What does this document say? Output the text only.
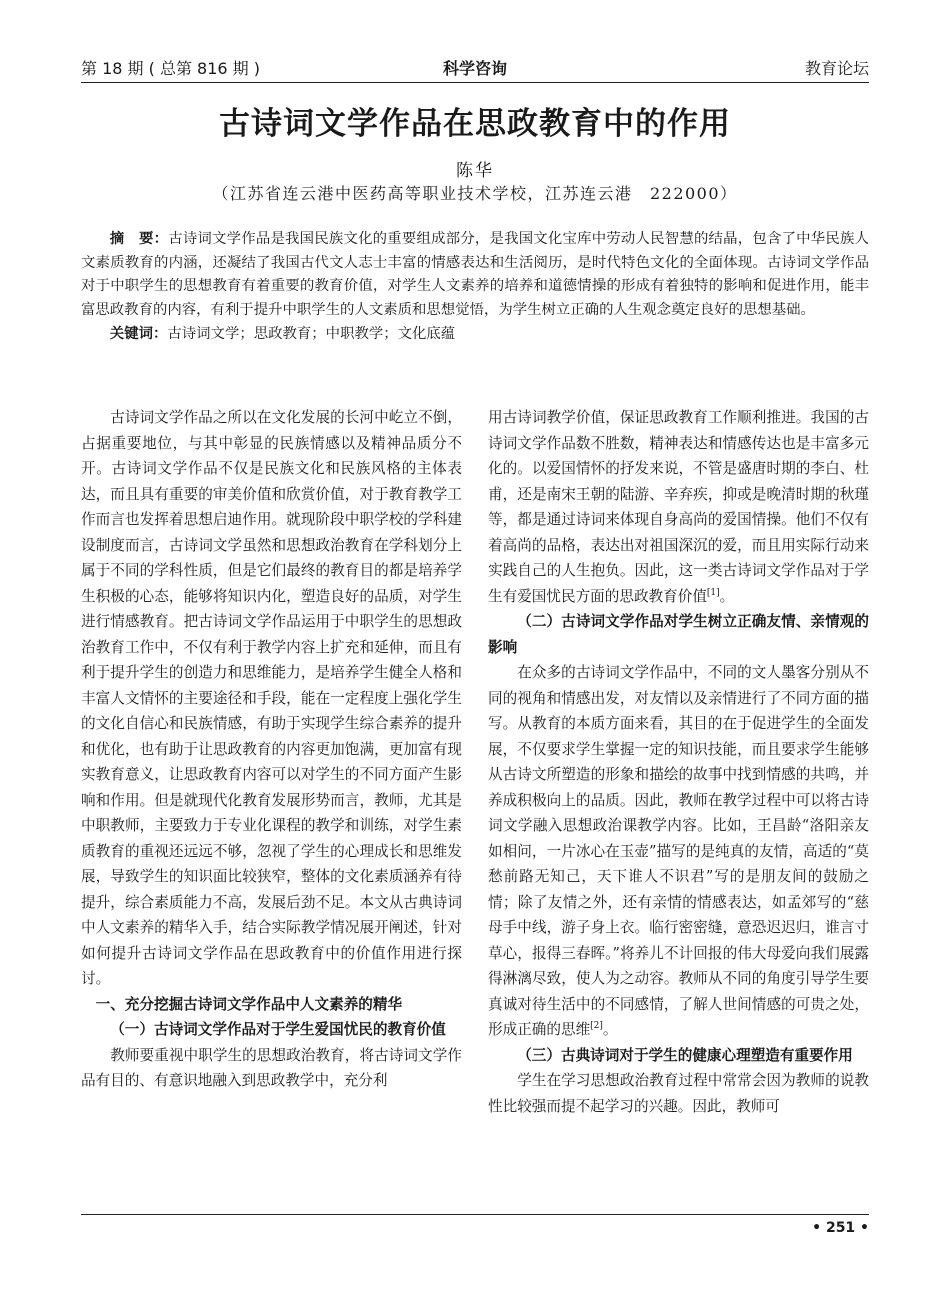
第 18 期 ( 总第 816 期 )	科学咨询	教育论坛
古诗词文学作品在思政教育中的作用
陈华
（江苏省连云港中医药高等职业技术学校，江苏连云港　222000）

摘　要：古诗词文学作品是我国民族文化的重要组成部分，是我国文化宝库中劳动人民智慧的结晶，包含了中华民族人文素质教育的内涵，还凝结了我国古代文人志士丰富的情感表达和生活阅历，是时代特色文化的全面体现。古诗词文学作品对于中职学生的思想教育有着重要的教育价值，对学生人文素养的培养和道德情操的形成有着独特的影响和促进作用，能丰富思政教育的内容，有利于提升中职学生的人文素质和思想觉悟，为学生树立正确的人生观念奠定良好的思想基础。

关键词：古诗词文学；思政教育；中职教学；文化底蕴

古诗词文学作品之所以在文化发展的长河中屹立不倒，占据重要地位，与其中彰显的民族情感以及精神品质分不开。古诗词文学作品不仅是民族文化和民族风格的主体表达，而且具有重要的审美价值和欣赏价值，对于教育教学工作而言也发挥着思想启迪作用。就现阶段中职学校的学科建设制度而言，古诗词文学虽然和思想政治教育在学科划分上属于不同的学科性质，但是它们最终的教育目的都是培养学生积极的心态，能够将知识内化，塑造良好的品质，对学生进行情感教育。把古诗词文学作品运用于中职学生的思想政治教育工作中，不仅有利于教学内容上扩充和延伸，而且有利于提升学生的创造力和思维能力，是培养学生健全人格和丰富人文情怀的主要途径和手段，能在一定程度上强化学生的文化自信心和民族情感，有助于实现学生综合素养的提升和优化，也有助于让思政教育的内容更加饱满，更加富有现实教育意义，让思政教育内容可以对学生的不同方面产生影响和作用。但是就现代化教育发展形势而言，教师，尤其是中职教师，主要致力于专业化课程的教学和训练，对学生素质教育的重视还远远不够，忽视了学生的心理成长和思维发展，导致学生的知识面比较狭窄，整体的文化素质涵养有待提升，综合素质能力不高，发展后劲不足。本文从古典诗词中人文素养的精华入手，结合实际教学情况展开阐述，针对如何提升古诗词文学作品在思政教育中的价值作用进行探讨。

一、充分挖掘古诗词文学作品中人文素养的精华
（一）古诗词文学作品对于学生爱国忧民的教育价值

教师要重视中职学生的思想政治教育，将古诗词文学作品有目的、有意识地融入到思政教学中，充分利

用古诗词教学价值，保证思政教育工作顺利推进。我国的古诗词文学作品数不胜数，精神表达和情感传达也是丰富多元化的。以爱国情怀的抒发来说，不管是盛唐时期的李白、杜甫，还是南宋王朝的陆游、辛弃疾，抑或是晚清时期的秋瑾等，都是通过诗词来体现自身高尚的爱国情操。他们不仅有着高尚的品格，表达出对祖国深沉的爱，而且用实际行动来实践自己的人生抱负。因此，这一类古诗词文学作品对于学生有爱国忧民方面的思政教育价值[1]。

（二）古诗词文学作品对学生树立正确友情、亲情观的影响

在众多的古诗词文学作品中，不同的文人墨客分别从不同的视角和情感出发，对友情以及亲情进行了不同方面的描写。从教育的本质方面来看，其目的在于促进学生的全面发展，不仅要求学生掌握一定的知识技能，而且要求学生能够从古诗文所塑造的形象和描绘的故事中找到情感的共鸣，并养成积极向上的品质。因此，教师在教学过程中可以将古诗词文学融入思想政治课教学内容。比如，王昌龄“洛阳亲友如相问，一片冰心在玉壶”描写的是纯真的友情，高适的“莫愁前路无知己，天下谁人不识君”写的是朋友间的鼓励之情；除了友情之外，还有亲情的情感表达，如孟郊写的“慈母手中线，游子身上衣。临行密密缝，意恐迟迟归，谁言寸草心，报得三春晖。”将养儿不计回报的伟大母爱向我们展露得淋漓尽致，使人为之动容。教师从不同的角度引导学生要真诚对待生活中的不同感情，了解人世间情感的可贵之处，形成正确的思维[2]。

（三）古典诗词对于学生的健康心理塑造有重要作用

学生在学习思想政治教育过程中常常会因为教师的说教性比较强而提不起学习的兴趣。因此，教师可

• 251 •
